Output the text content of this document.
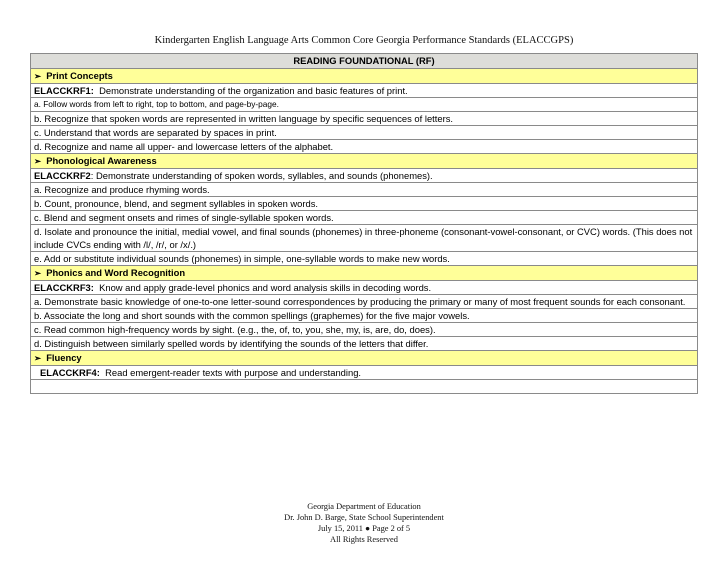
Kindergarten English Language Arts Common Core Georgia Performance Standards (ELACCGPS)
READING FOUNDATIONAL (RF)
➢ Print Concepts
ELACCKRF1: Demonstrate understanding of the organization and basic features of print.
a. Follow words from left to right, top to bottom, and page-by-page.
b. Recognize that spoken words are represented in written language by specific sequences of letters.
c. Understand that words are separated by spaces in print.
d. Recognize and name all upper- and lowercase letters of the alphabet.
➢ Phonological Awareness
ELACCKRF2: Demonstrate understanding of spoken words, syllables, and sounds (phonemes).
a. Recognize and produce rhyming words.
b. Count, pronounce, blend, and segment syllables in spoken words.
c. Blend and segment onsets and rimes of single-syllable spoken words.
d. Isolate and pronounce the initial, medial vowel, and final sounds (phonemes) in three-phoneme (consonant-vowel-consonant, or CVC) words. (This does not include CVCs ending with /l/, /r/, or /x/.)
e. Add or substitute individual sounds (phonemes) in simple, one-syllable words to make new words.
➢ Phonics and Word Recognition
ELACCKRF3: Know and apply grade-level phonics and word analysis skills in decoding words.
a. Demonstrate basic knowledge of one-to-one letter-sound correspondences by producing the primary or many of most frequent sounds for each consonant.
b. Associate the long and short sounds with the common spellings (graphemes) for the five major vowels.
c. Read common high-frequency words by sight. (e.g., the, of, to, you, she, my, is, are, do, does).
d. Distinguish between similarly spelled words by identifying the sounds of the letters that differ.
➢ Fluency
ELACCKRF4: Read emergent-reader texts with purpose and understanding.

Georgia Department of Education
Dr. John D. Barge, State School Superintendent
July 15, 2011 ● Page 2 of 5
All Rights Reserved
